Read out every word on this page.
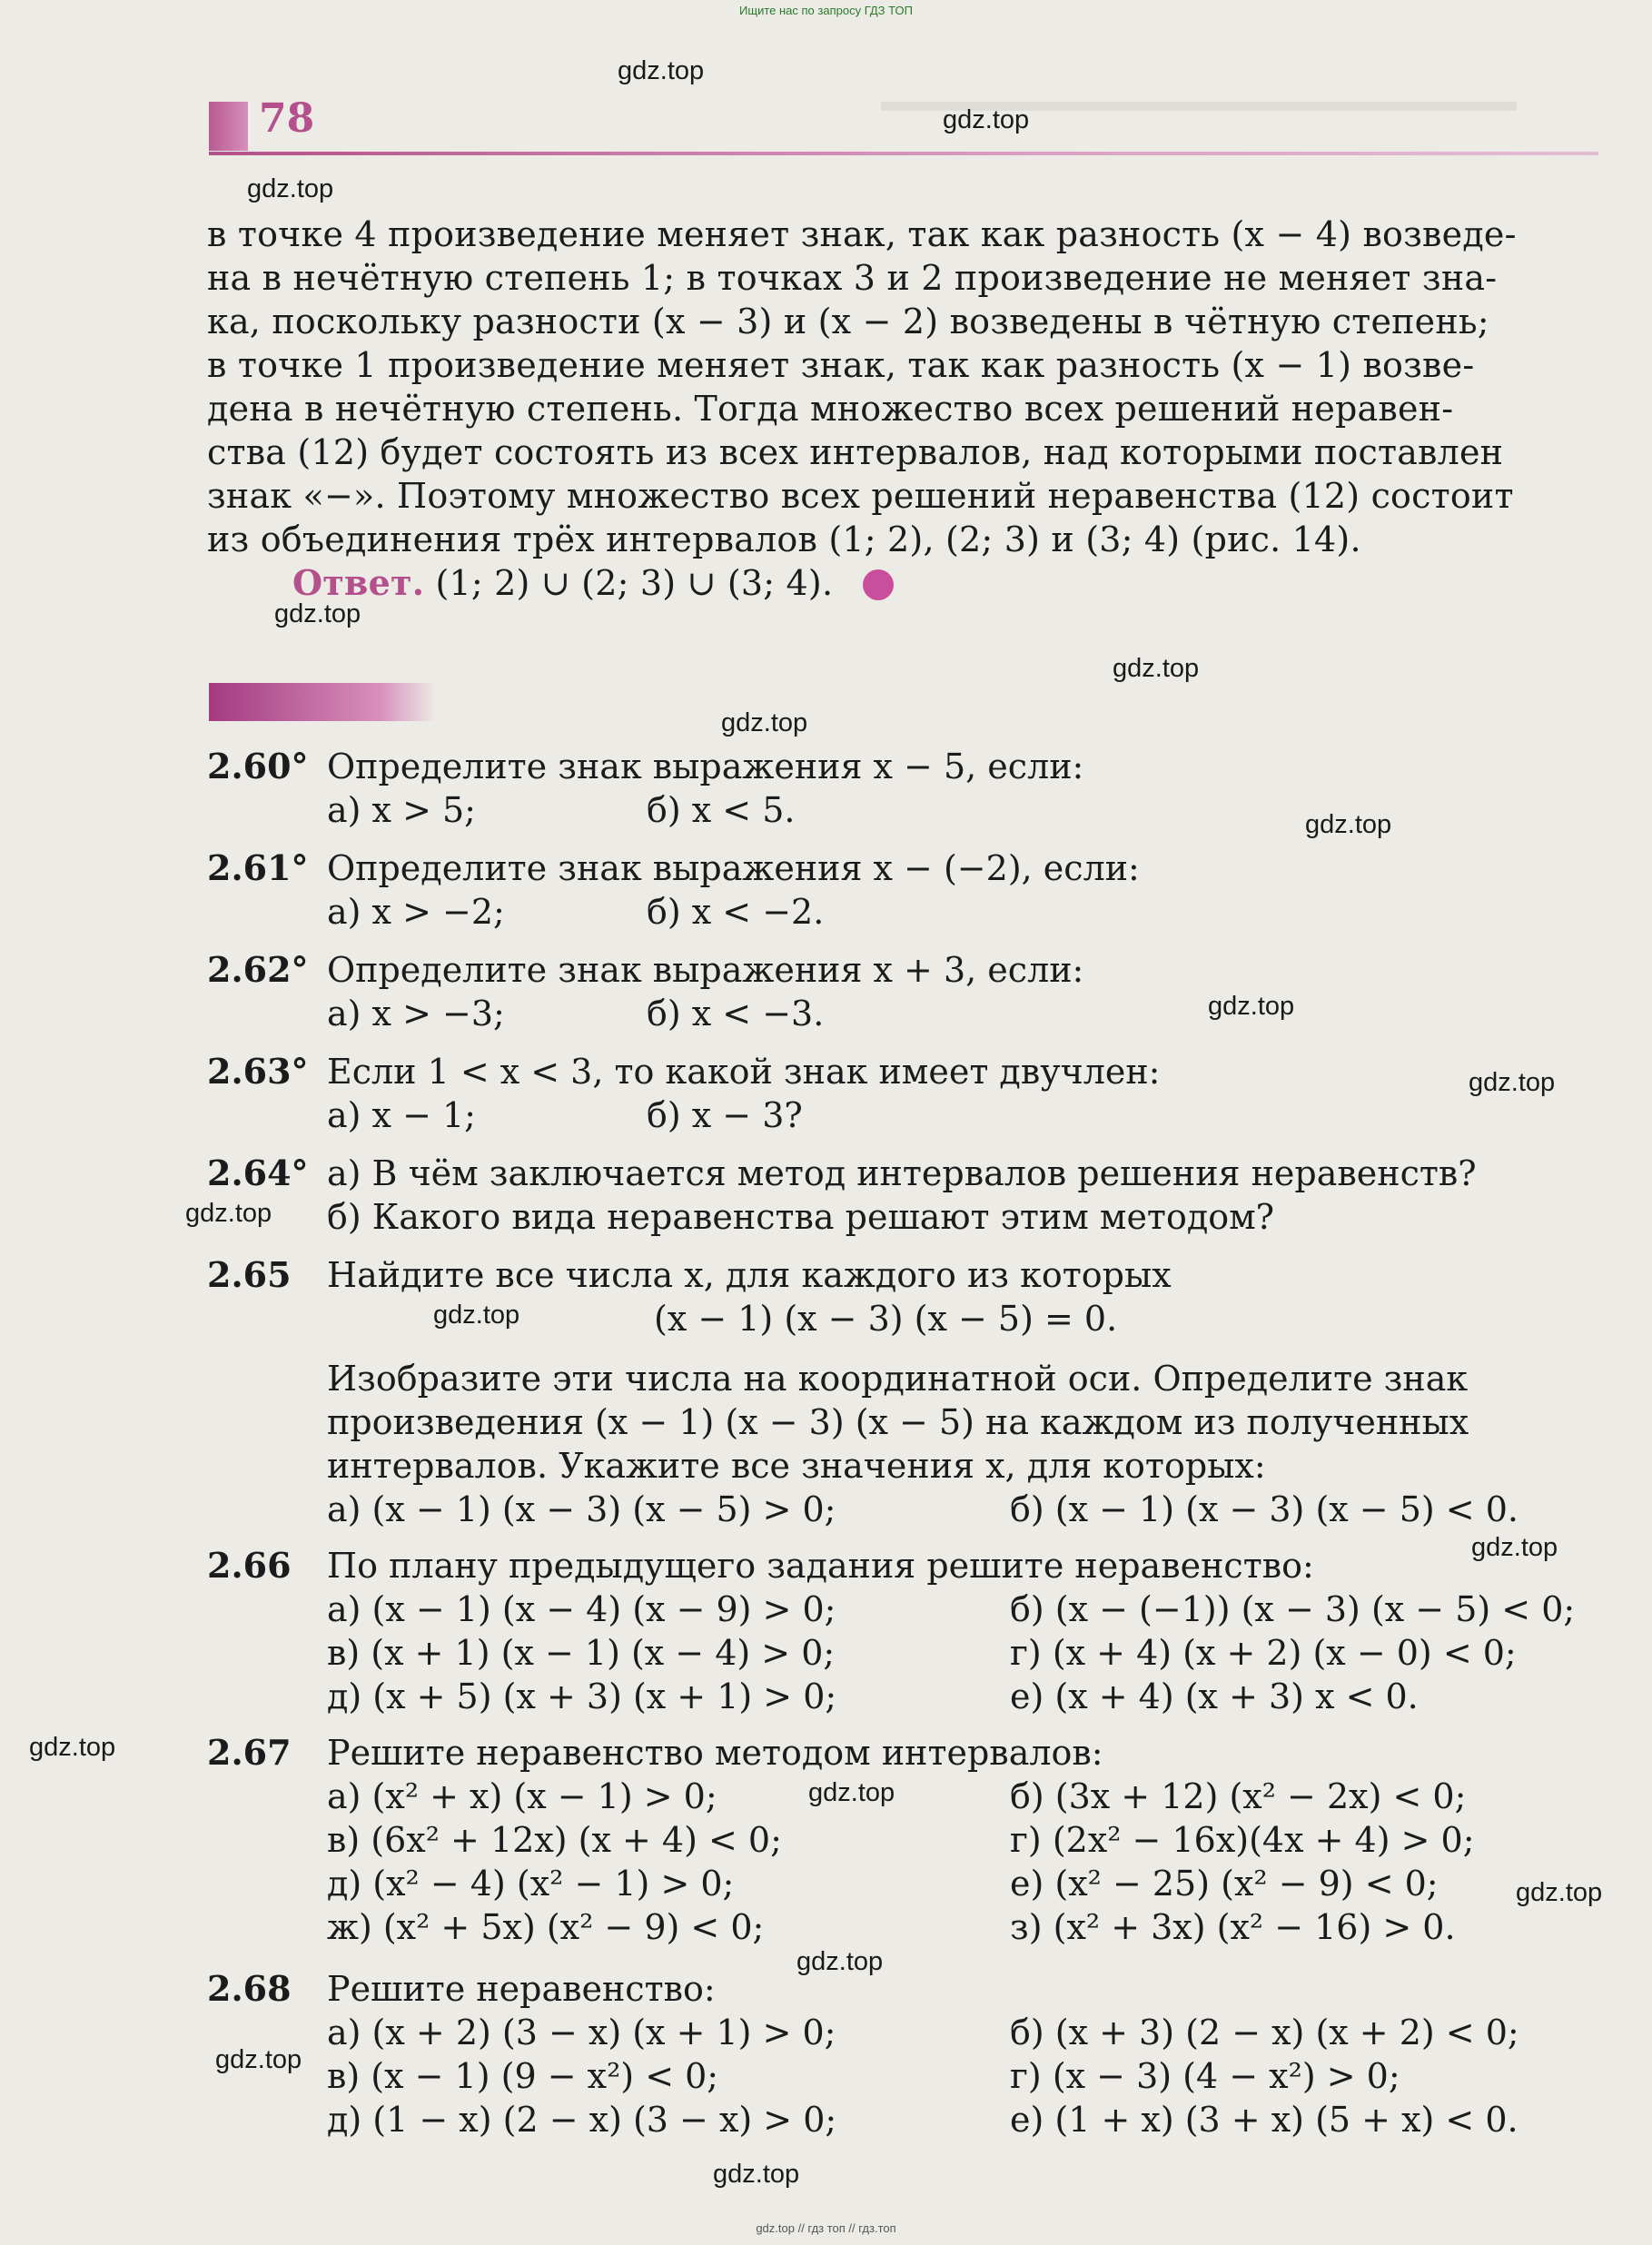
Ищите нас по запросу ГДЗ ТОП
gdz.top // гдз топ // гдз.топ
78
в точке 4 произведение меняет знак, так как разность (x − 4) возведе-
на в нечётную степень 1; в точках 3 и 2 произведение не меняет зна-
ка, поскольку разности (x − 3) и (x − 2) возведены в чётную степень;
в точке 1 произведение меняет знак, так как разность (x − 1) возве-
дена в нечётную степень. Тогда множество всех решений неравен-
ства (12) будет состоять из всех интервалов, над которыми поставлен
знак «−». Поэтому множество всех решений неравенства (12) состоит
из объединения трёх интервалов (1; 2), (2; 3) и (3; 4) (рис. 14).
Ответ. (1; 2) ∪ (2; 3) ∪ (3; 4).
2.60° Определите знак выражения x − 5, если:
а) x > 5;	б) x < 5.
2.61° Определите знак выражения x − (−2), если:
а) x > −2;	б) x < −2.
2.62° Определите знак выражения x + 3, если:
а) x > −3;	б) x < −3.
2.63° Если 1 < x < 3, то какой знак имеет двучлен:
а) x − 1;	б) x − 3?
2.64° а) В чём заключается метод интервалов решения неравенств?
б) Какого вида неравенства решают этим методом?
2.65 Найдите все числа x, для каждого из которых
(x − 1) (x − 3) (x − 5) = 0.
Изобразите эти числа на координатной оси. Определите знак
произведения (x − 1) (x − 3) (x − 5) на каждом из полученных
интервалов. Укажите все значения x, для которых:
а) (x − 1) (x − 3) (x − 5) > 0;	б) (x − 1) (x − 3) (x − 5) < 0.
2.66 По плану предыдущего задания решите неравенство:
а) (x − 1) (x − 4) (x − 9) > 0;	б) (x − (−1)) (x − 3) (x − 5) < 0;
в) (x + 1) (x − 1) (x − 4) > 0;	г) (x + 4) (x + 2) (x − 0) < 0;
д) (x + 5) (x + 3) (x + 1) > 0;	е) (x + 4) (x + 3) x < 0.
2.67 Решите неравенство методом интервалов:
а) (x² + x) (x − 1) > 0;	б) (3x + 12) (x² − 2x) < 0;
в) (6x² + 12x) (x + 4) < 0;	г) (2x² − 16x)(4x + 4) > 0;
д) (x² − 4) (x² − 1) > 0;	е) (x² − 25) (x² − 9) < 0;
ж) (x² + 5x) (x² − 9) < 0;	з) (x² + 3x) (x² − 16) > 0.
2.68 Решите неравенство:
а) (x + 2) (3 − x) (x + 1) > 0;	б) (x + 3) (2 − x) (x + 2) < 0;
в) (x − 1) (9 − x²) < 0;	г) (x − 3) (4 − x²) > 0;
д) (1 − x) (2 − x) (3 − x) > 0;	е) (1 + x) (3 + x) (5 + x) < 0.
gdz.top
gdz.top
gdz.top
gdz.top
gdz.top
gdz.top
gdz.top
gdz.top
gdz.top
gdz.top
gdz.top
gdz.top
gdz.top
gdz.top
gdz.top
gdz.top
gdz.top
gdz.top
